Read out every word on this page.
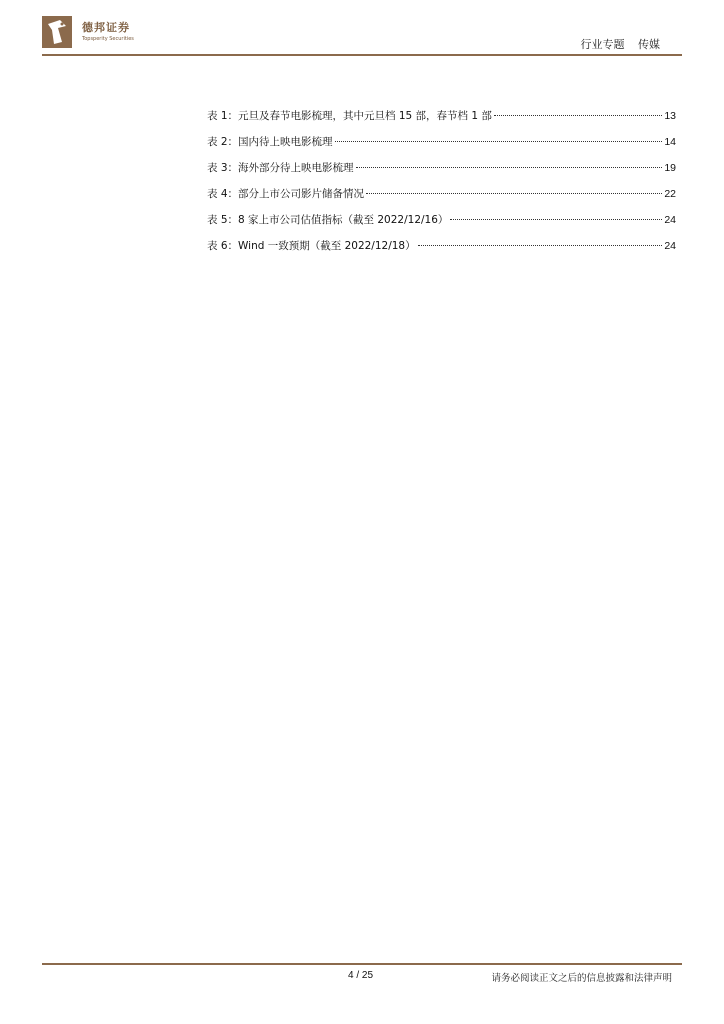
德邦证券
Topsperity Securities	行业专题 传媒
表 1：元旦及春节电影梳理，其中元旦档 15 部，春节档 1 部	13
表 2：国内待上映电影梳理	14
表 3：海外部分待上映电影梳理	19
表 4：部分上市公司影片储备情况	22
表 5：8 家上市公司估值指标（截至 2022/12/16）	24
表 6：Wind 一致预期（截至 2022/12/18）	24
4 / 25	请务必阅读正文之后的信息披露和法律声明
